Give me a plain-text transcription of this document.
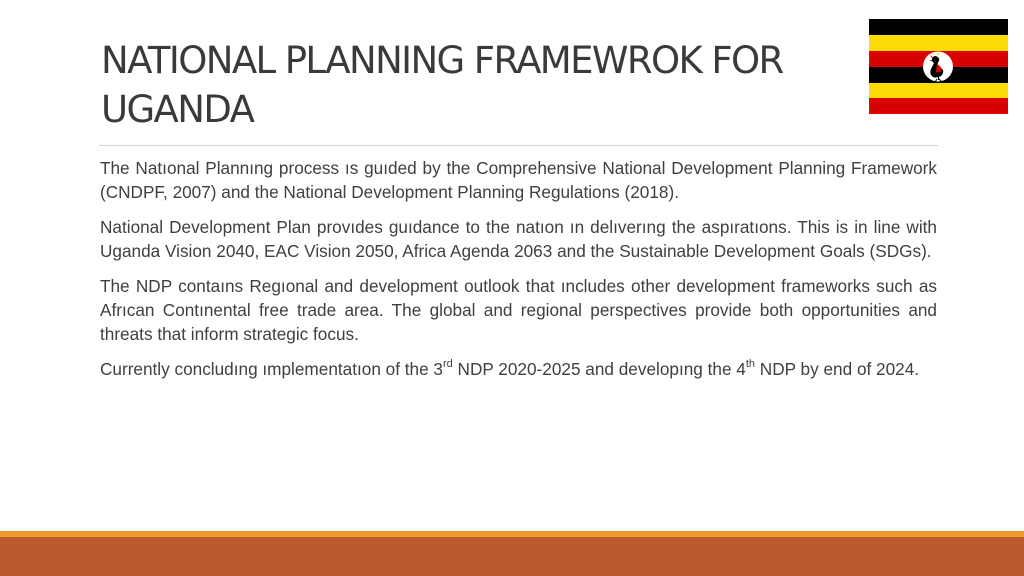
NATIONAL PLANNING FRAMEWROK FOR
UGANDA

The Natıonal Plannıng process ıs guıded by the Comprehensive National Development Planning Framework (CNDPF, 2007) and the National Development Planning Regulations (2018).

National Development Plan provıdes guıdance to the natıon ın delıverıng the aspıratıons. This is in line with Uganda Vision 2040, EAC Vision 2050, Africa Agenda 2063 and the Sustainable Development Goals (SDGs).

The NDP contaıns Regıonal and development outlook that ıncludes other development frameworks such as Afrıcan Contınental free trade area. The global and regional perspectives provide both opportunities and threats that inform strategic focus.

Currently concludıng ımplementatıon of the 3rd NDP 2020-2025 and developıng the 4th NDP by end of 2024.
